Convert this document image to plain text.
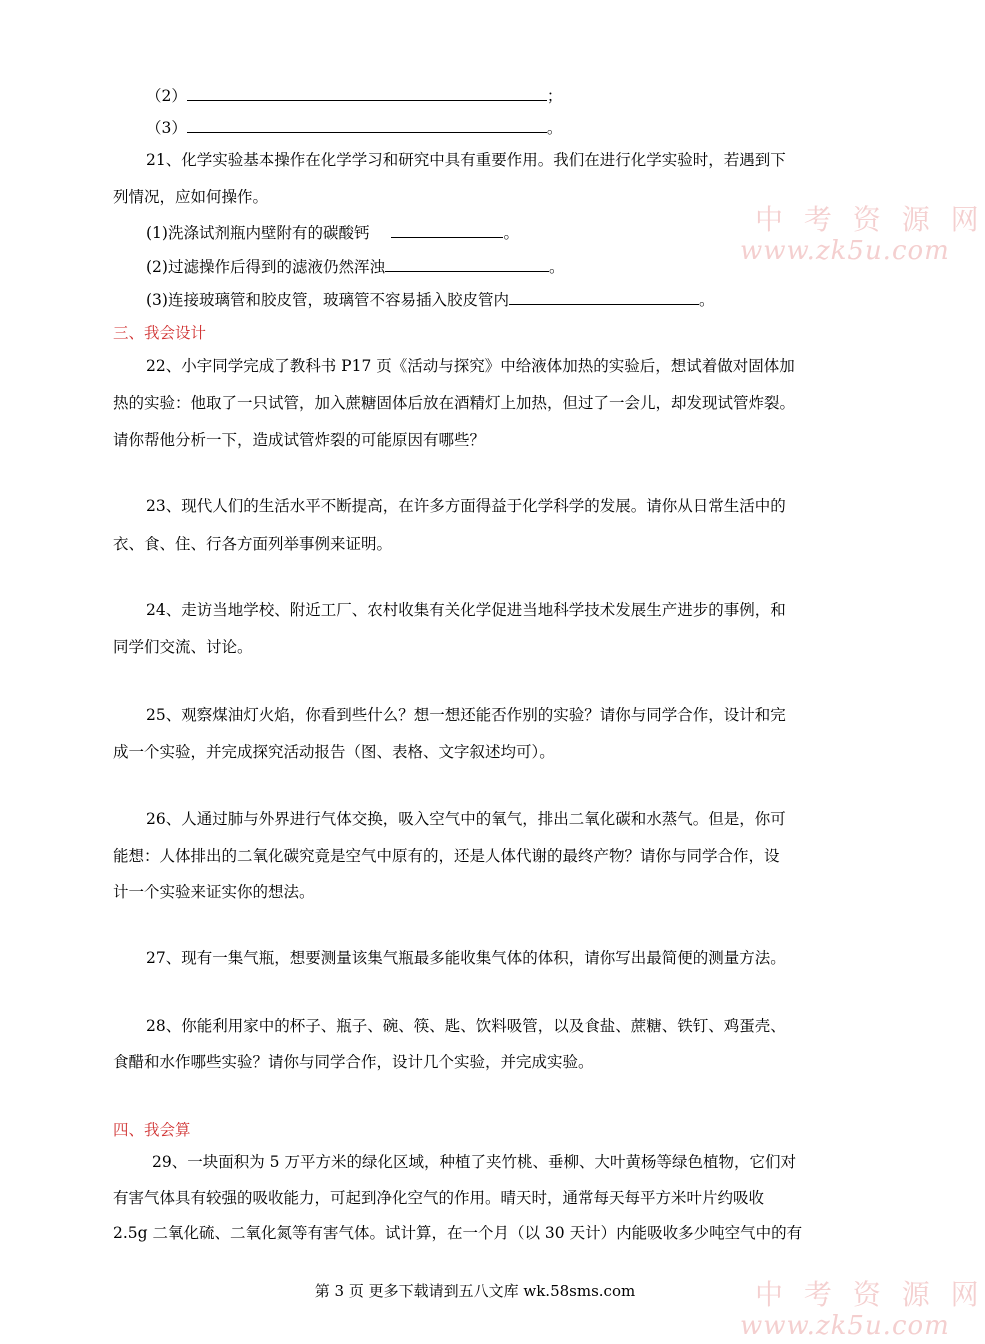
中 考 资 源 网
www.zk5u.com
中 考 资 源 网
www.zk5u.com
（2）	；
（3）	。
21、化学实验基本操作在化学学习和研究中具有重要作用。我们在进行化学实验时，若遇到下
列情况，应如何操作。
(1)洗涤试剂瓶内壁附有的碳酸钙	。
(2)过滤操作后得到的滤液仍然浑浊	。
(3)连接玻璃管和胶皮管，玻璃管不容易插入胶皮管内	。
三、我会设计
22、小宇同学完成了教科书 P17 页《活动与探究》中给液体加热的实验后，想试着做对固体加
热的实验：他取了一只试管，加入蔗糖固体后放在酒精灯上加热，但过了一会儿，却发现试管炸裂。
请你帮他分析一下，造成试管炸裂的可能原因有哪些？
23、现代人们的生活水平不断提高，在许多方面得益于化学科学的发展。请你从日常生活中的
衣、食、住、行各方面列举事例来证明。
24、走访当地学校、附近工厂、农村收集有关化学促进当地科学技术发展生产进步的事例，和
同学们交流、讨论。
25、观察煤油灯火焰，你看到些什么？想一想还能否作别的实验？请你与同学合作，设计和完
成一个实验，并完成探究活动报告（图、表格、文字叙述均可）。
26、人通过肺与外界进行气体交换，吸入空气中的氧气，排出二氧化碳和水蒸气。但是，你可
能想：人体排出的二氧化碳究竟是空气中原有的，还是人体代谢的最终产物？请你与同学合作，设
计一个实验来证实你的想法。
27、现有一集气瓶，想要测量该集气瓶最多能收集气体的体积，请你写出最简便的测量方法。
28、你能利用家中的杯子、瓶子、碗、筷、匙、饮料吸管，以及食盐、蔗糖、铁钉、鸡蛋壳、
食醋和水作哪些实验？请你与同学合作，设计几个实验，并完成实验。
四、我会算
29、一块面积为 5 万平方米的绿化区域，种植了夹竹桃、垂柳、大叶黄杨等绿色植物，它们对
有害气体具有较强的吸收能力，可起到净化空气的作用。晴天时，通常每天每平方米叶片约吸收
2.5g 二氧化硫、二氧化氮等有害气体。试计算，在一个月（以 30 天计）内能吸收多少吨空气中的有
第 3 页 更多下载请到五八文库 wk.58sms.com
